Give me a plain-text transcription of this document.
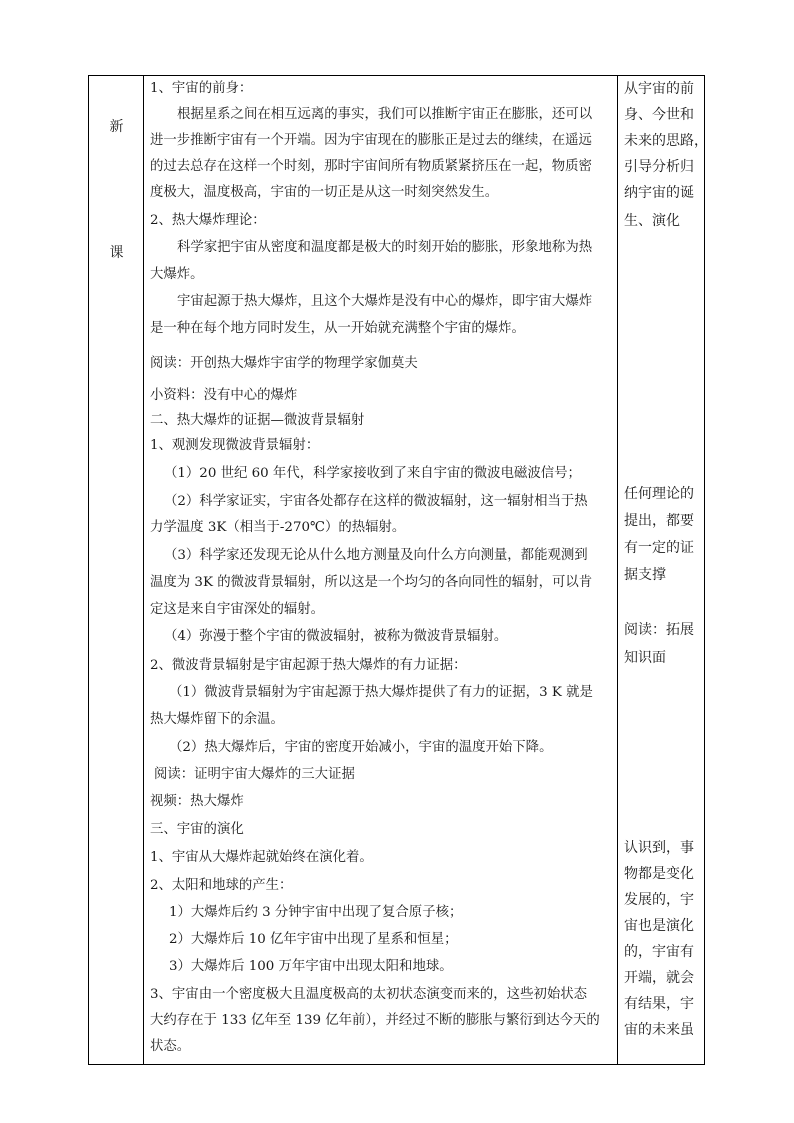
新
课
1、宇宙的前身：
根据星系之间在相互远离的事实，我们可以推断宇宙正在膨胀，还可以
进一步推断宇宙有一个开端。因为宇宙现在的膨胀正是过去的继续，在遥远
的过去总存在这样一个时刻，那时宇宙间所有物质紧紧挤压在一起，物质密
度极大，温度极高，宇宙的一切正是从这一时刻突然发生。
2、热大爆炸理论：
科学家把宇宙从密度和温度都是极大的时刻开始的膨胀，形象地称为热
大爆炸。
宇宙起源于热大爆炸，且这个大爆炸是没有中心的爆炸，即宇宙大爆炸
是一种在每个地方同时发生，从一开始就充满整个宇宙的爆炸。
阅读：开创热大爆炸宇宙学的物理学家伽莫夫
小资料：没有中心的爆炸
二、热大爆炸的证据—微波背景辐射
1、观测发现微波背景辐射：
（1）20 世纪 60 年代，科学家接收到了来自宇宙的微波电磁波信号；
（2）科学家证实，宇宙各处都存在这样的微波辐射，这一辐射相当于热
力学温度 3K（相当于-270℃）的热辐射。
（3）科学家还发现无论从什么地方测量及向什么方向测量，都能观测到
温度为 3K 的微波背景辐射，所以这是一个均匀的各向同性的辐射，可以肯
定这是来自宇宙深处的辐射。
（4）弥漫于整个宇宙的微波辐射，被称为微波背景辐射。
2、微波背景辐射是宇宙起源于热大爆炸的有力证据：
（1）微波背景辐射为宇宙起源于热大爆炸提供了有力的证据，3 K 就是
热大爆炸留下的余温。
（2）热大爆炸后，宇宙的密度开始减小，宇宙的温度开始下降。
阅读：证明宇宙大爆炸的三大证据
视频：热大爆炸
三、宇宙的演化
1、宇宙从大爆炸起就始终在演化着。
2、太阳和地球的产生：
1）大爆炸后约 3 分钟宇宙中出现了复合原子核；
2）大爆炸后 10 亿年宇宙中出现了星系和恒星；
3）大爆炸后 100 万年宇宙中出现太阳和地球。
3、宇宙由一个密度极大且温度极高的太初状态演变而来的，这些初始状态
大约存在于 133 亿年至 139 亿年前），并经过不断的膨胀与繁衍到达今天的
状态。
从宇宙的前
身、今世和
未来的思路，
引导分析归
纳宇宙的诞
生、演化
任何理论的
提出，都要
有一定的证
据支撑
阅读：拓展
知识面
认识到，事
物都是变化
发展的，宇
宙也是演化
的，宇宙有
开端，就会
有结果，宇
宙的未来虽
